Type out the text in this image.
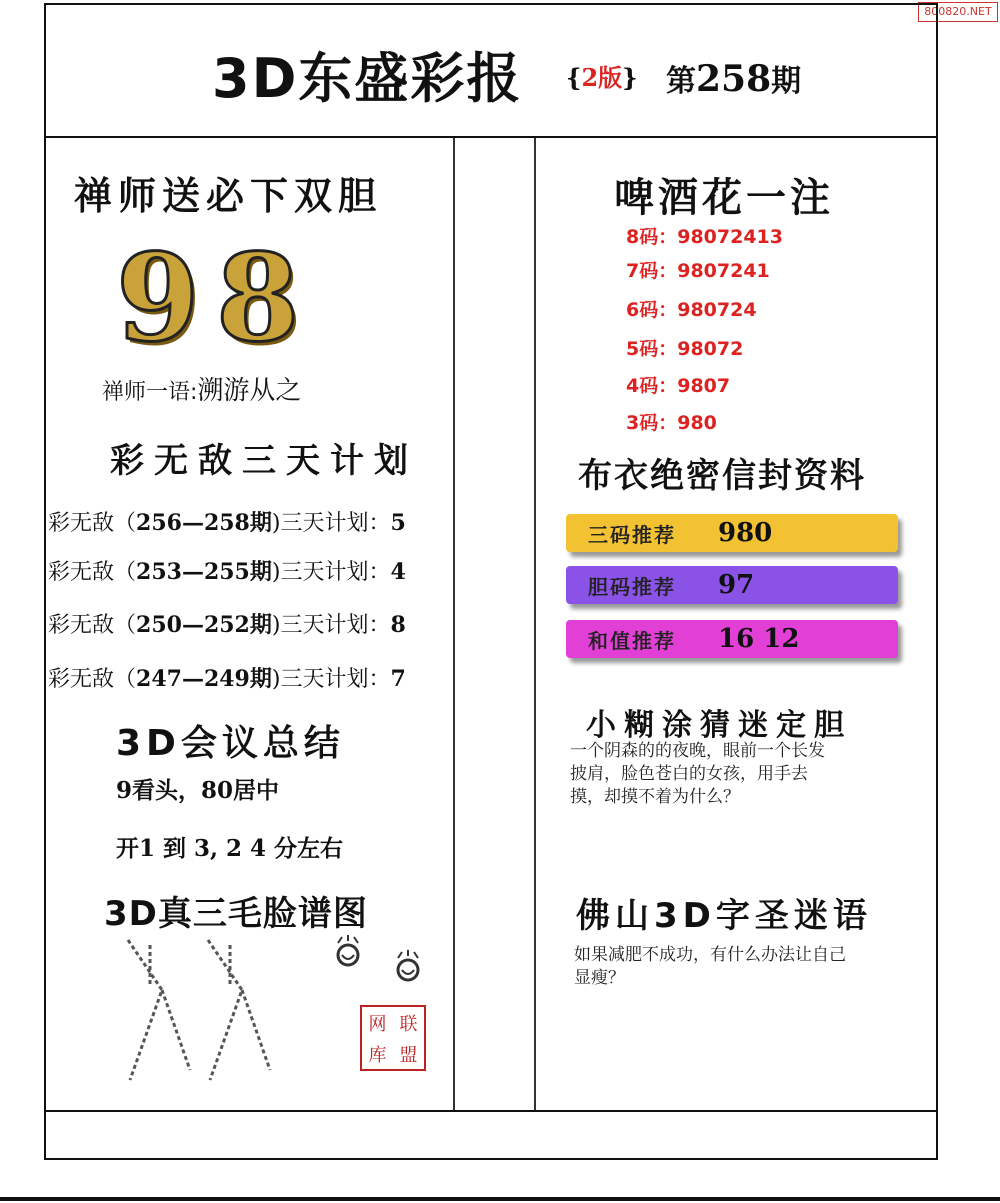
800820.NET
3D东盛彩报 {2版} 第258期
禅师送必下双胆
9 8
禅师一语:溯游从之
彩无敌三天计划
彩无敌（256—258期)三天计划：5
彩无敌（253—255期)三天计划：4
彩无敌（250—252期)三天计划：8
彩无敌（247—249期)三天计划：7
3D会议总结
9看头，80居中
开1 到 3, 2 4 分左右
3D真三毛脸谱图
网 联
库 盟
啤酒花一注
8码：98072413
7码：9807241
6码：980724
5码：98072
4码：9807
3码：980
布衣绝密信封资料
三码推荐	980
胆码推荐	97
和值推荐	16 12
小糊涂猜迷定胆
一个阴森的的夜晚，眼前一个长发
披肩，脸色苍白的女孩，用手去
摸，却摸不着为什么？
佛山3D字圣迷语
如果减肥不成功，有什么办法让自己
显瘦？
